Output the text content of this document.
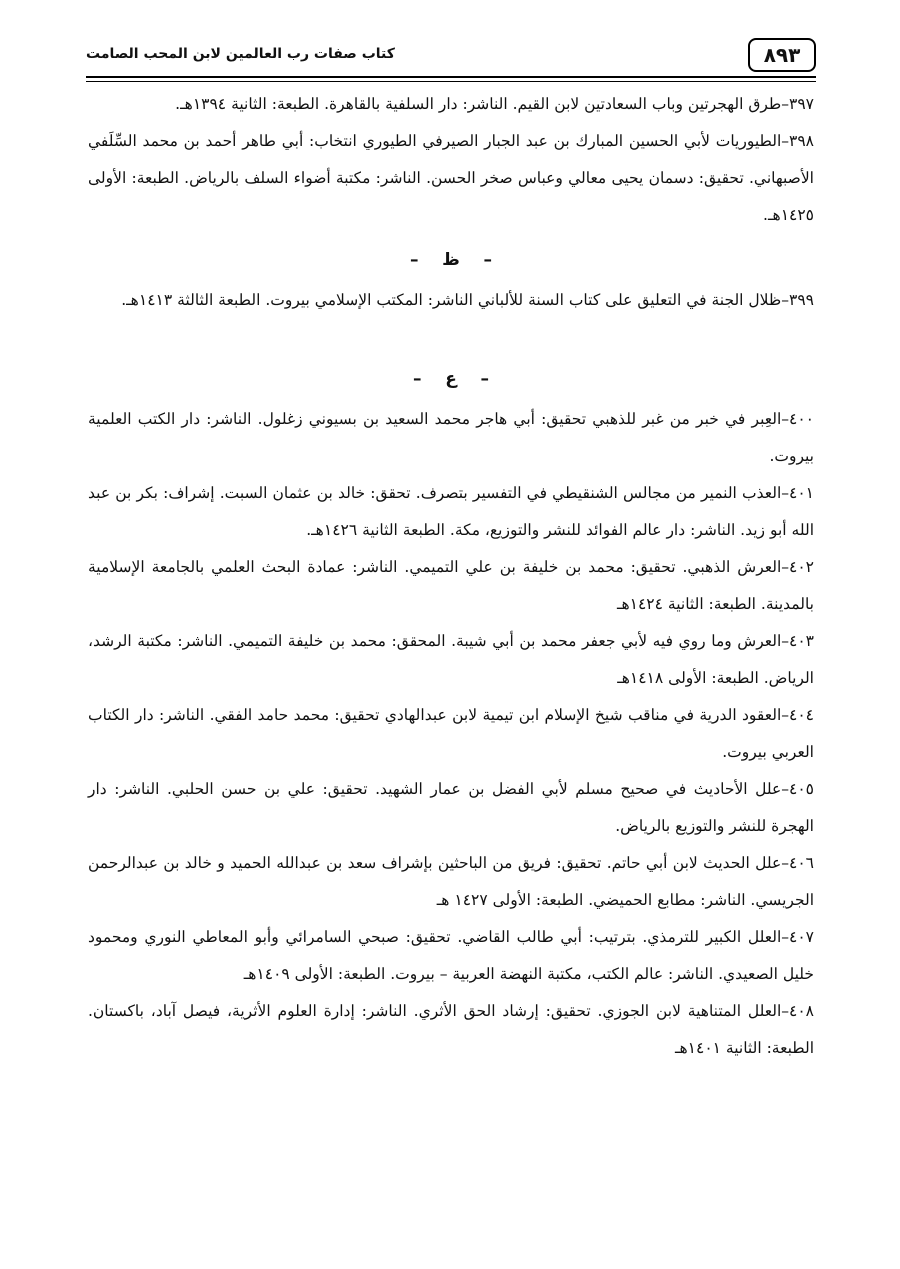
٨٩٣
كتاب صفات رب العالمين لابن المحب الصامت

٣٩٧–طرق الهجرتين وباب السعادتين لابن القيم. الناشر: دار السلفية بالقاهرة. الطبعة: الثانية ١٣٩٤هـ.

٣٩٨–الطيوريات لأبي الحسين المبارك بن عبد الجبار الصيرفي الطيوري انتخاب: أبي طاهر أحمد بن محمد السِّلَفي الأصبهاني. تحقيق: دسمان يحيى معالي وعباس صخر الحسن. الناشر: مكتبة أضواء السلف بالرياض. الطبعة: الأولى ١٤٢٥هـ.

–    ظ    –

٣٩٩–ظلال الجنة في التعليق على كتاب السنة للألباني الناشر: المكتب الإسلامي بيروت. الطبعة الثالثة ١٤١٣هـ.

–    ع    –

٤٠٠–العِبر في خبر من غبر للذهبي تحقيق: أبي هاجر محمد السعيد بن بسيوني زغلول. الناشر: دار الكتب العلمية بيروت.

٤٠١–العذب النمير من مجالس الشنقيطي في التفسير بتصرف. تحقق: خالد بن عثمان السبت. إشراف: بكر بن عبد الله أبو زيد. الناشر: دار عالم الفوائد للنشر والتوزيع، مكة. الطبعة الثانية ١٤٢٦هـ.

٤٠٢–العرش الذهبي. تحقيق: محمد بن خليفة بن علي التميمي. الناشر: عمادة البحث العلمي بالجامعة الإسلامية بالمدينة. الطبعة: الثانية ١٤٢٤هـ

٤٠٣–العرش وما روي فيه لأبي جعفر محمد بن أبي شيبة. المحقق: محمد بن خليفة التميمي. الناشر: مكتبة الرشد، الرياض. الطبعة: الأولى ١٤١٨هـ

٤٠٤–العقود الدرية في مناقب شيخ الإسلام ابن تيمية لابن عبدالهادي تحقيق: محمد حامد الفقي. الناشر: دار الكتاب العربي بيروت.

٤٠٥–علل الأحاديث في صحيح مسلم لأبي الفضل بن عمار الشهيد. تحقيق: علي بن حسن الحلبي. الناشر: دار الهجرة للنشر والتوزيع بالرياض.

٤٠٦–علل الحديث لابن أبي حاتم. تحقيق: فريق من الباحثين بإشراف سعد بن عبدالله الحميد و خالد بن عبدالرحمن الجريسي. الناشر: مطابع الحميضي. الطبعة: الأولى ١٤٢٧ هـ

٤٠٧–العلل الكبير للترمذي. بترتيب: أبي طالب القاضي. تحقيق: صبحي السامرائي وأبو المعاطي النوري ومحمود خليل الصعيدي. الناشر: عالم الكتب، مكتبة النهضة العربية – بيروت. الطبعة: الأولى ١٤٠٩هـ

٤٠٨–العلل المتناهية لابن الجوزي. تحقيق: إرشاد الحق الأثري. الناشر: إدارة العلوم الأثرية، فيصل آباد، باكستان. الطبعة: الثانية ١٤٠١هـ
